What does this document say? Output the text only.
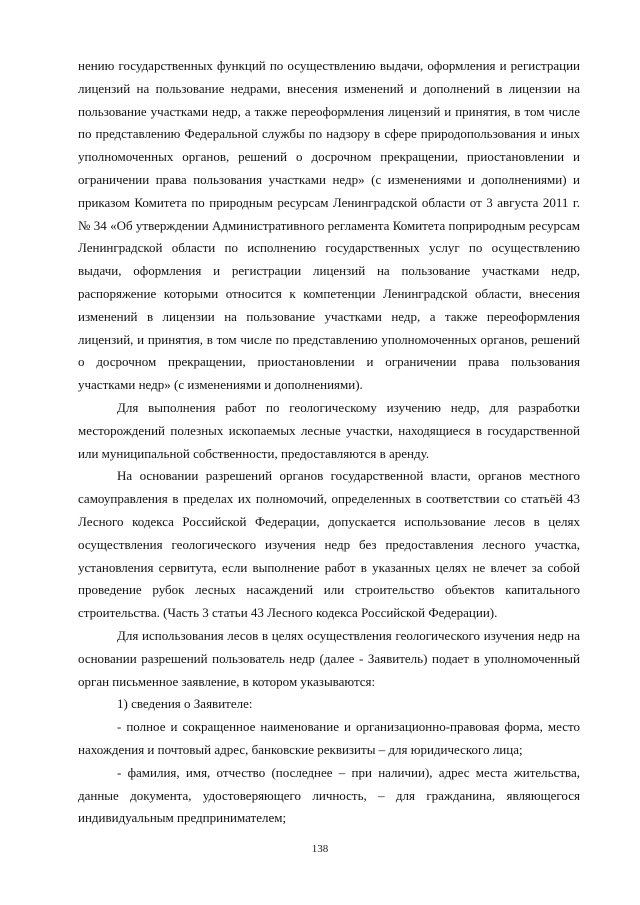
нению государственных функций по осуществлению выдачи, оформления и регистрации лицензий на пользование недрами, внесения изменений и дополнений в лицензии на пользование участками недр, а также переоформления лицензий и принятия, в том числе по представлению Федеральной службы по надзору в сфере природопользования и иных уполномоченных органов, решений о досрочном прекращении, приостановлении и ограничении права пользования участками недр» (с изменениями и дополнениями) и приказом Комитета по природным ресурсам Ленинградской области от 3 августа 2011 г. № 34 «Об утверждении Административного регламента Комитета поприродным ресурсам Ленинградской области по исполнению государственных услуг по осуществлению выдачи, оформления и регистрации лицензий на пользование участками недр, распоряжение которыми относится к компетенции Ленинградской области, внесения изменений в лицензии на пользование участками недр, а также переоформления лицензий, и принятия, в том числе по представлению уполномоченных органов, решений о досрочном прекращении, приостановлении и ограничении права пользования участками недр» (с изменениями и дополнениями).

Для выполнения работ по геологическому изучению недр, для разработки месторождений полезных ископаемых лесные участки, находящиеся в государственной или муниципальной собственности, предоставляются в аренду.

На основании разрешений органов государственной власти, органов местного самоуправления в пределах их полномочий, определенных в соответствии со статьёй 43 Лесного кодекса Российской Федерации, допускается использование лесов в целях осуществления геологического изучения недр без предоставления лесного участка, установления сервитута, если выполнение работ в указанных целях не влечет за собой проведение рубок лесных насаждений или строительство объектов капитального строительства. (Часть 3 статьи 43 Лесного кодекса Российской Федерации).

Для использования лесов в целях осуществления геологического изучения недр на основании разрешений пользователь недр (далее - Заявитель) подает в уполномоченный орган письменное заявление, в котором указываются:

1) сведения о Заявителе:

- полное и сокращенное наименование и организационно-правовая форма, место нахождения и почтовый адрес, банковские реквизиты – для юридического лица;

- фамилия, имя, отчество (последнее – при наличии), адрес места жительства, данные документа, удостоверяющего личность, – для гражданина, являющегося индивидуальным предпринимателем;

138
